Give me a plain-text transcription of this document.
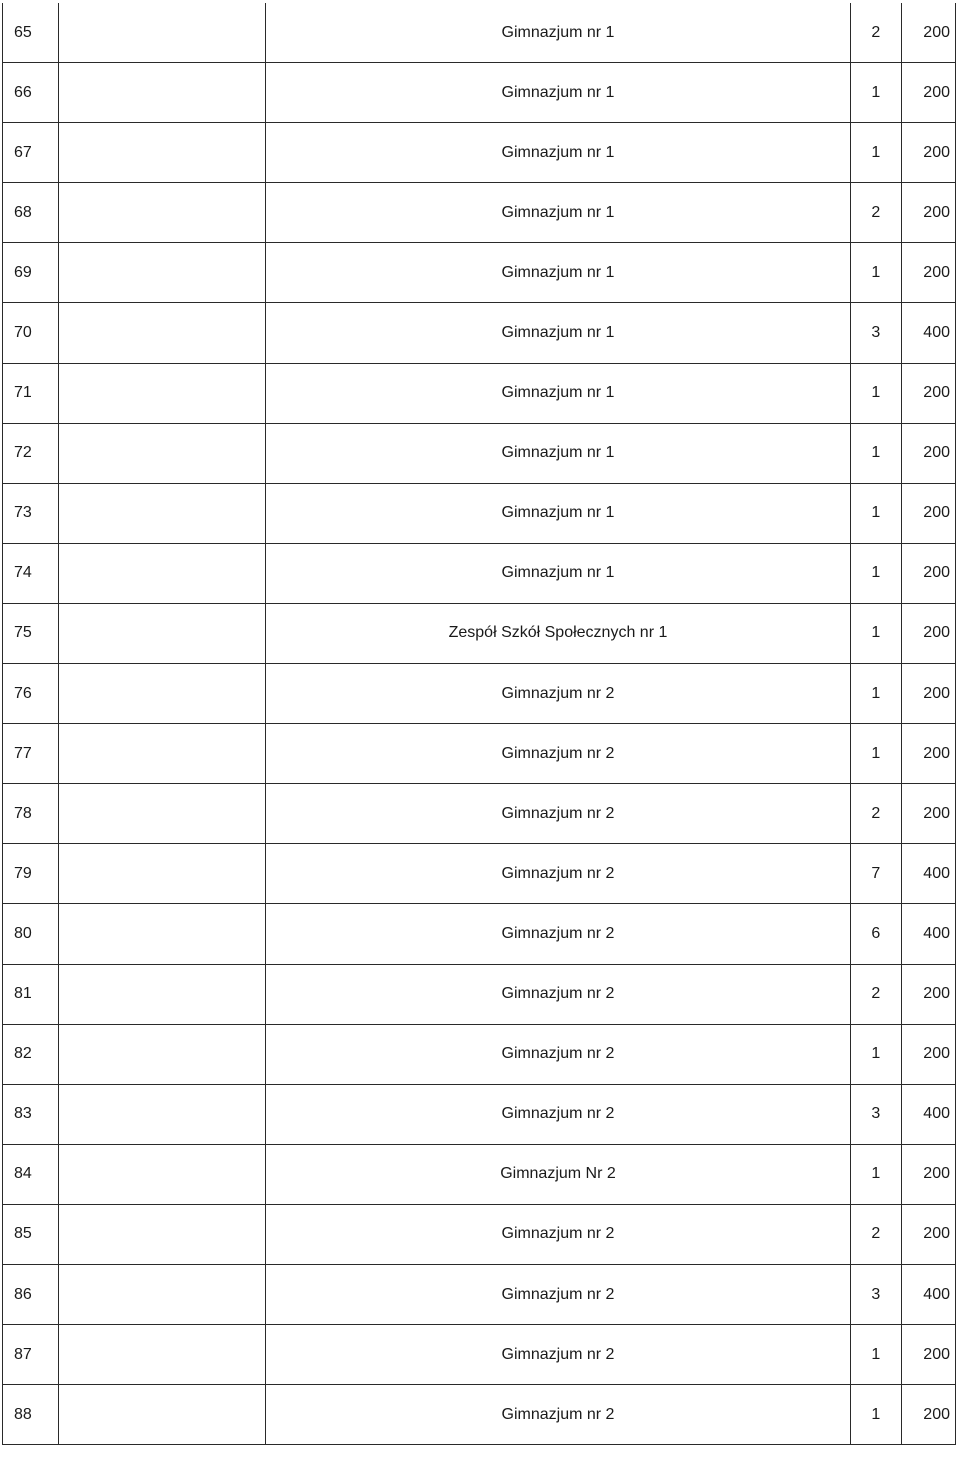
65		Gimnazjum nr 1	2	200
66		Gimnazjum nr 1	1	200
67		Gimnazjum nr 1	1	200
68		Gimnazjum nr 1	2	200
69		Gimnazjum nr 1	1	200
70		Gimnazjum nr 1	3	400
71		Gimnazjum nr 1	1	200
72		Gimnazjum nr 1	1	200
73		Gimnazjum nr 1	1	200
74		Gimnazjum nr 1	1	200
75		Zespół Szkół Społecznych nr 1	1	200
76		Gimnazjum nr 2	1	200
77		Gimnazjum nr 2	1	200
78		Gimnazjum nr 2	2	200
79		Gimnazjum nr 2	7	400
80		Gimnazjum nr 2	6	400
81		Gimnazjum nr 2	2	200
82		Gimnazjum nr 2	1	200
83		Gimnazjum nr 2	3	400
84		Gimnazjum Nr 2	1	200
85		Gimnazjum nr 2	2	200
86		Gimnazjum nr 2	3	400
87		Gimnazjum nr 2	1	200
88		Gimnazjum nr 2	1	200
